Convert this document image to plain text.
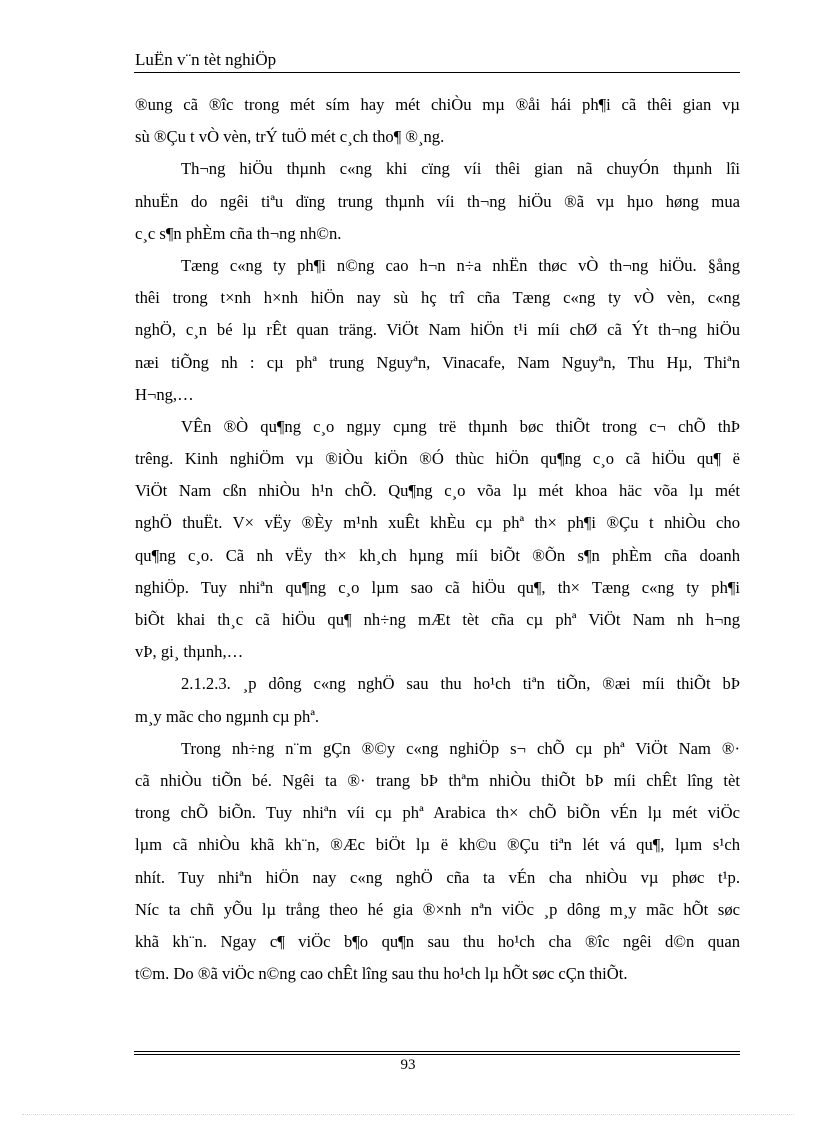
LuËn v¨n tèt nghiÖp
®ung cã ®îc trong mét sím hay mét chiÒu mµ ®åi hái ph¶i cã thêi gian vµ
sù ®Çu t vÒ vèn, trÝ tuÖ mét c¸ch tho¶ ®¸ng.
Th¬ng hiÖu thµnh c«ng khi cïng víi thêi gian nã chuyÓn thµnh lîi
nhuËn do ngêi tiªu dïng trung thµnh víi th¬ng hiÖu ®ã vµ hµo høng mua
c¸c s¶n phÈm cña th¬ng nh©n.
Tæng c«ng ty ph¶i n©ng cao h¬n n÷a nhËn thøc vÒ th¬ng hiÖu. §ång
thêi trong t×nh h×nh hiÖn nay sù hç trî cña Tæng c«ng ty vÒ vèn, c«ng
nghÖ, c¸n bé lµ rÊt quan träng. ViÖt Nam hiÖn t¹i míi chØ cã Ýt th¬ng hiÖu
næi tiÕng nh : cµ phª trung Nguyªn, Vinacafe, Nam Nguyªn, Thu Hµ, Thiªn
H¬ng,…
VÊn ®Ò qu¶ng c¸o ngµy cµng trë thµnh bøc thiÕt trong c¬ chÕ thÞ
trêng. Kinh nghiÖm vµ ®iÒu kiÖn ®Ó thùc hiÖn qu¶ng c¸o cã hiÖu qu¶ ë
ViÖt Nam cßn nhiÒu h¹n chÕ. Qu¶ng c¸o võa lµ mét khoa häc võa lµ mét
nghÖ thuËt. V× vËy ®Èy m¹nh xuÊt khÈu cµ phª th× ph¶i ®Çu t nhiÒu cho
qu¶ng c¸o. Cã nh vËy th× kh¸ch hµng míi biÕt ®Õn s¶n phÈm cña doanh
nghiÖp. Tuy nhiªn qu¶ng c¸o lµm sao cã hiÖu qu¶, th× Tæng c«ng ty ph¶i
biÕt khai th¸c cã hiÖu qu¶ nh÷ng mÆt tèt cña cµ phª ViÖt Nam nh h¬ng
vÞ, gi¸ thµnh,…
2.1.2.3. ¸p dông c«ng nghÖ sau thu ho¹ch tiªn tiÕn, ®æi míi thiÕt bÞ
m¸y mãc cho ngµnh cµ phª.
Trong nh÷ng n¨m gÇn ®©y c«ng nghiÖp s¬ chÕ cµ phª ViÖt Nam ®·
cã nhiÒu tiÕn bé. Ngêi ta ®· trang bÞ thªm nhiÒu thiÕt bÞ míi chÊt lîng tèt
trong chÕ biÕn. Tuy nhiªn víi cµ phª Arabica th× chÕ biÕn vÉn lµ mét viÖc
lµm cã nhiÒu khã kh¨n, ®Æc biÖt lµ ë kh©u ®Çu tiªn lét vá qu¶, lµm s¹ch
nhít. Tuy nhiªn hiÖn nay c«ng nghÖ cña ta vÉn cha nhiÒu vµ phøc t¹p.
Níc ta chñ yÕu lµ trång theo hé gia ®×nh nªn viÖc ¸p dông m¸y mãc hÕt søc
khã kh¨n. Ngay c¶ viÖc b¶o qu¶n sau thu ho¹ch cha ®îc ngêi d©n quan
t©m. Do ®ã viÖc n©ng cao chÊt lîng sau thu ho¹ch lµ hÕt søc cÇn thiÕt.
93
